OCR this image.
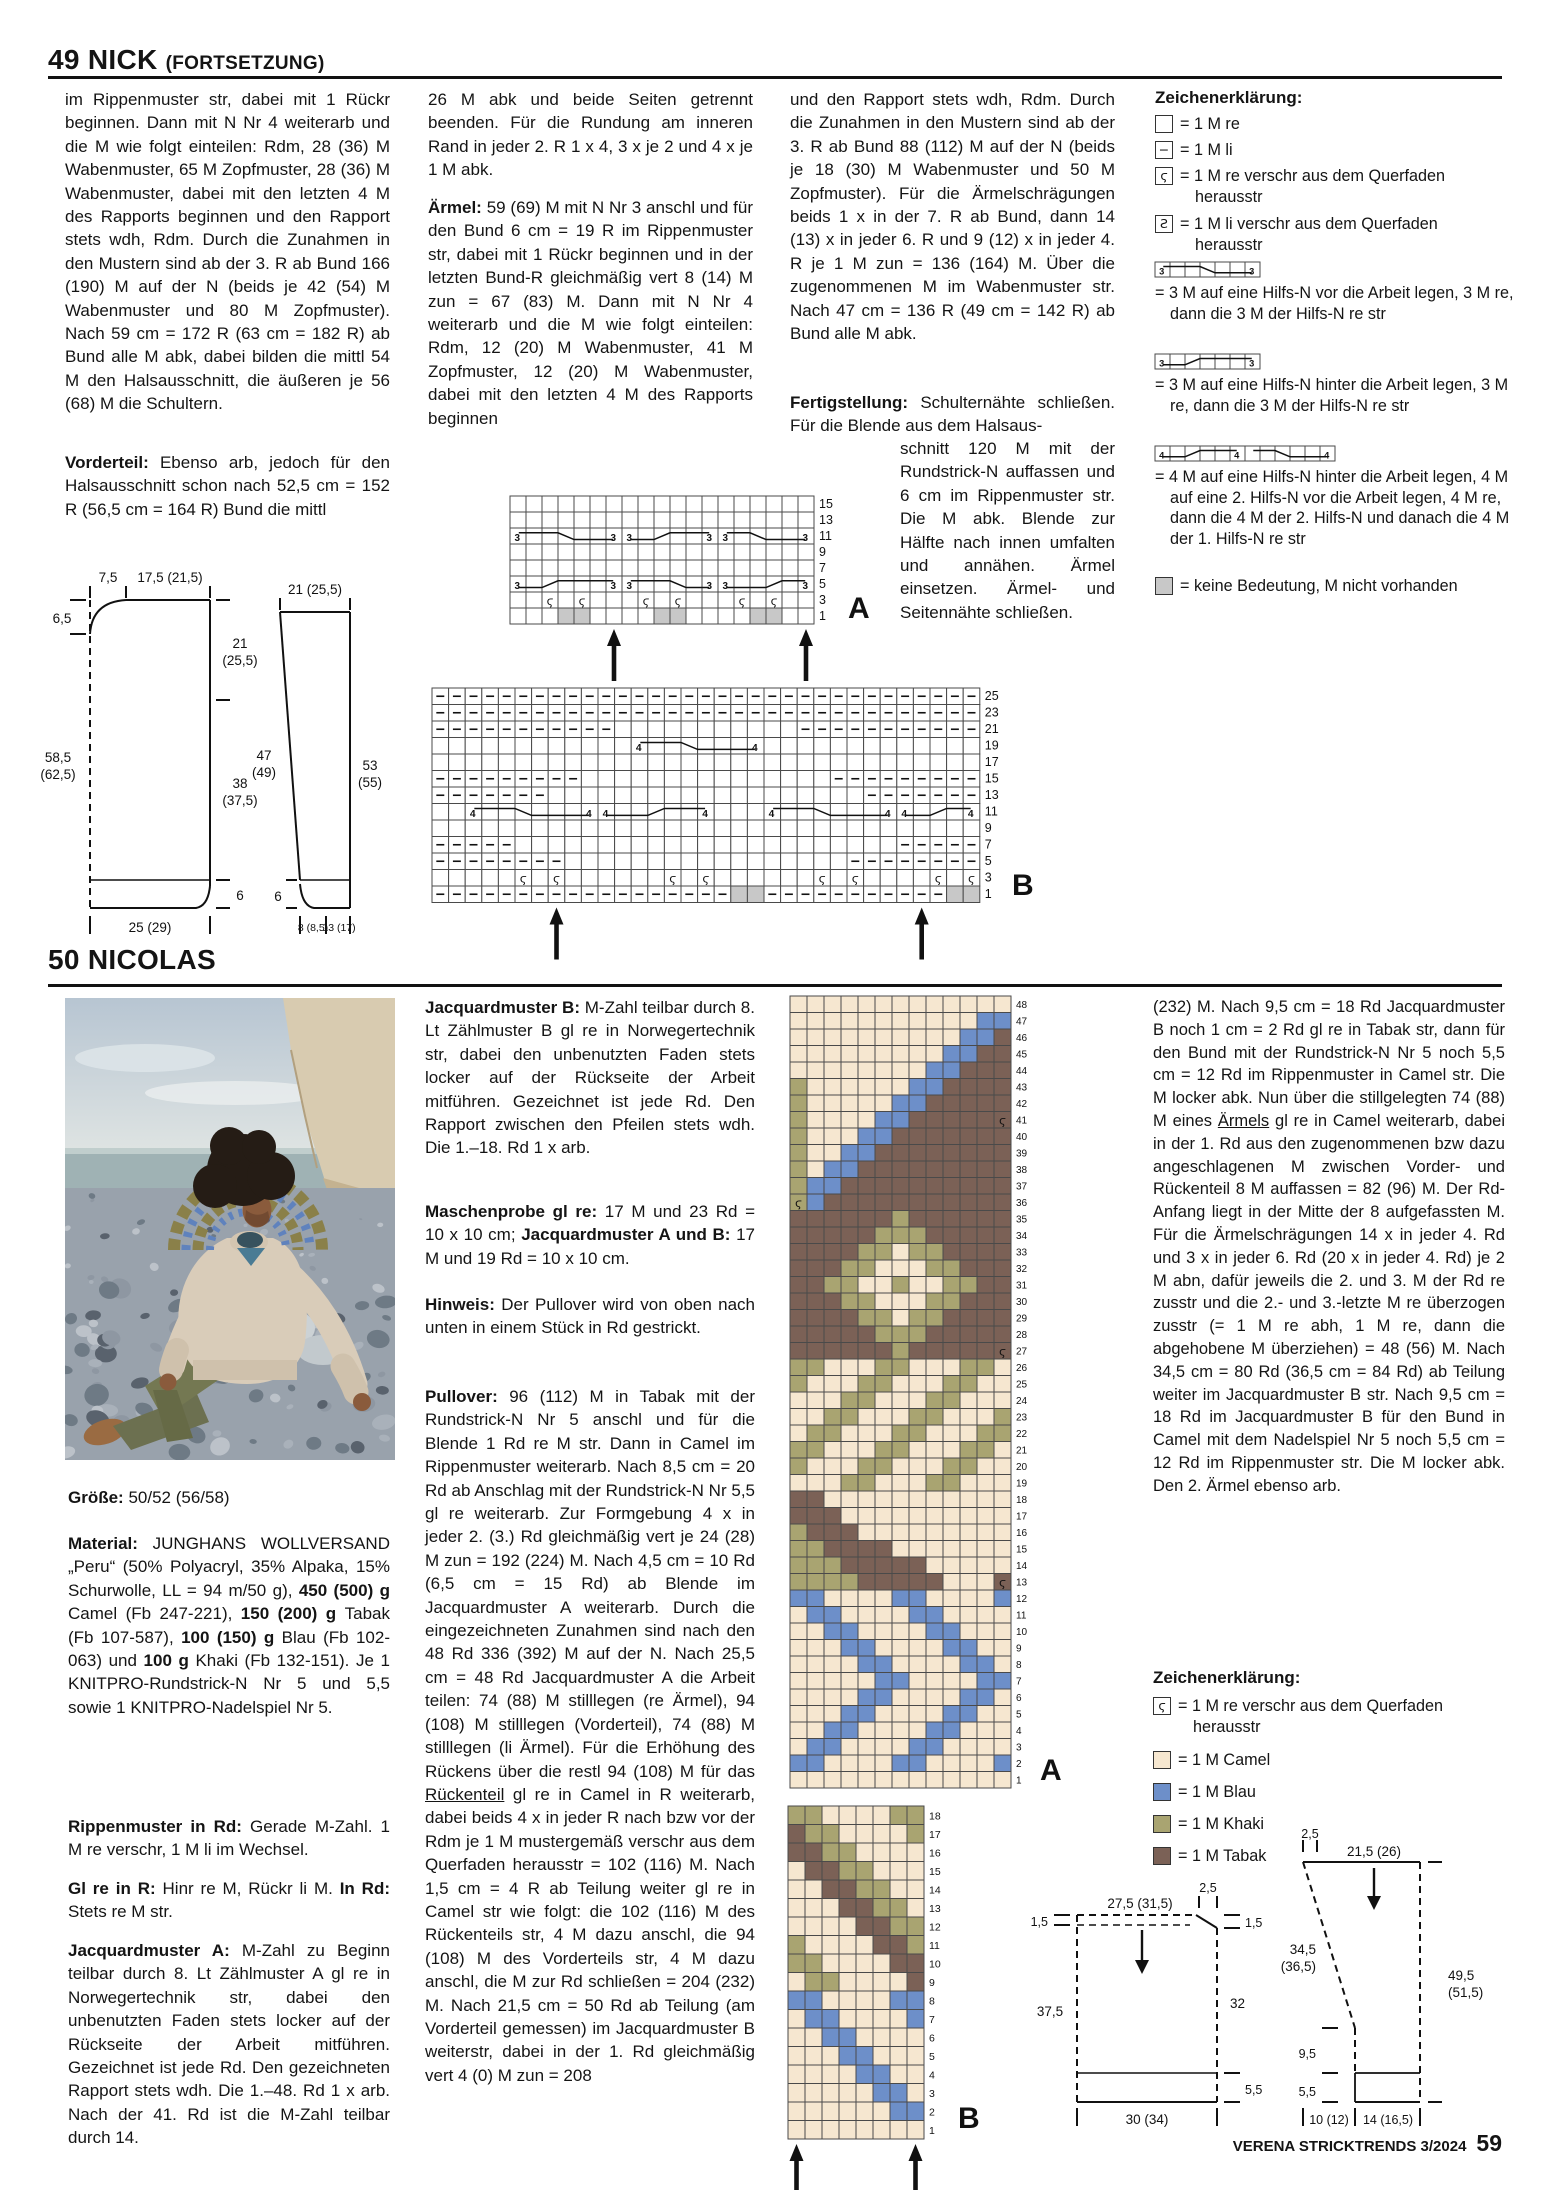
49 NICK (FORTSETZUNG)
im Rippenmuster str, dabei mit 1 Rückr beginnen. Dann mit N Nr 4 weiterarb und die M wie folgt einteilen: Rdm, 28 (36) M Wabenmuster, 65 M Zopfmuster, 28 (36) M Wabenmuster, dabei mit den letzten 4 M des Rapports beginnen und den Rapport stets wdh, Rdm. Durch die Zunahmen in den Mustern sind ab der 3. R ab Bund 166 (190) M auf der N (beids je 42 (54) M Wabenmuster und 80 M Zopfmuster). Nach 59 cm = 172 R (63 cm = 182 R) ab Bund alle M abk, dabei bilden die mittl 54 M den Halsausschnitt, die äußeren je 56 (68) M die Schultern.
Vorderteil: Ebenso arb, jedoch für den Halsausschnitt schon nach 52,5 cm = 152 R (56,5 cm = 164 R) Bund die mittl
26 M abk und beide Seiten getrennt beenden. Für die Rundung am inneren Rand in jeder 2. R 1 x 4, 3 x je 2 und 4 x je 1 M abk.
Ärmel: 59 (69) M mit N Nr 3 anschl und für den Bund 6 cm = 19 R im Rippenmuster str, dabei mit 1 Rückr beginnen und in der letzten Bund-R gleichmäßig vert 8 (14) M zun = 67 (83) M. Dann mit N Nr 4 weiterarb und die M wie folgt einteilen: Rdm, 12 (20) M Wabenmuster, 41 M Zopfmuster, 12 (20) M Wabenmuster, dabei mit den letzten 4 M des Rapports beginnen
und den Rapport stets wdh, Rdm. Durch die Zunahmen in den Mustern sind ab der 3. R ab Bund 88 (112) M auf der N (beids je 18 (30) M Wabenmuster und 50 M Zopfmuster). Für die Ärmelschrägungen beids 1 x in der 7. R ab Bund, dann 14 (13) x in jeder 6. R und 9 (12) x in jeder 4. R je 1 M zun = 136 (164) M. Über die zugenommenen M im Wabenmuster str. Nach 47 cm = 136 R (49 cm = 142 R) ab Bund alle M abk.
Fertigstellung: Schulternähte schließen. Für die Blende aus dem Halsaus-
schnitt 120 M mit der Rundstrick-N auffassen und 6 cm im Rippenmuster str. Die M abk. Blende zur Hälfte nach innen umfalten und annähen. Ärmel einsetzen. Ärmel- und Seitennähte schließen.
Zeichenerklärung:
= 1 M re
− = 1 M li
ϛ = 1 M re verschr aus dem Querfaden herausstr
Ƨ = 1 M li verschr aus dem Querfaden herausstr
= 3 M auf eine Hilfs-N vor die Arbeit legen, 3 M re, dann die 3 M der Hilfs-N re str
= 3 M auf eine Hilfs-N hinter die Arbeit legen, 3 M re, dann die 3 M der Hilfs-N re str
= 4 M auf eine Hilfs-N hinter die Arbeit legen, 4 M auf eine 2. Hilfs-N vor die Arbeit legen, 4 M re, dann die 4 M der 2. Hilfs-N und danach die 4 M der 1. Hilfs-N re str
= keine Bedeutung, M nicht vorhanden
7,5 17,5 (21,5)
6,5
21
(25,5)
58,5
(62,5)
38
(37,5)
6
25 (29)
21 (25,5)
47
(49)	53
(55)
6
8 (8,5)
13 (17)
50 NICOLAS
Größe: 50/52 (56/58)
Material: JUNGHANS WOLLVERSAND „Peru“ (50% Polyacryl, 35% Alpaka, 15% Schurwolle, LL = 94 m/50 g), 450 (500) g Camel (Fb 247-221), 150 (200) g Tabak (Fb 107-587), 100 (150) g Blau (Fb 102-063) und 100 g Khaki (Fb 132-151). Je 1 KNITPRO-Rundstrick-N Nr 5 und 5,5 sowie 1 KNITPRO-Nadelspiel Nr 5.
Rippenmuster in Rd: Gerade M-Zahl. 1 M re verschr, 1 M li im Wechsel.
Gl re in R: Hinr re M, Rückr li M. In Rd: Stets re M str.
Jacquardmuster A: M-Zahl zu Beginn teilbar durch 8. Lt Zählmuster A gl re in Norwegertechnik str, dabei den unbenutzten Faden stets locker auf der Rückseite der Arbeit mitführen. Gezeichnet ist jede Rd. Den gezeichneten Rapport stets wdh. Die 1.–48. Rd 1 x arb. Nach der 41. Rd ist die M-Zahl teilbar durch 14.
Jacquardmuster B: M-Zahl teilbar durch 8. Lt Zählmuster B gl re in Norwegertechnik str, dabei den unbenutzten Faden stets locker auf der Rückseite der Arbeit mitführen. Gezeichnet ist jede Rd. Den Rapport zwischen den Pfeilen stets wdh. Die 1.–18. Rd 1 x arb.
Maschenprobe gl re: 17 M und 23 Rd = 10 x 10 cm; Jacquardmuster A und B: 17 M und 19 Rd = 10 x 10 cm.
Hinweis: Der Pullover wird von oben nach unten in einem Stück in Rd gestrickt.
Pullover: 96 (112) M in Tabak mit der Rundstrick-N Nr 5 anschl und für die Blende 1 Rd re M str. Dann in Camel im Rippenmuster weiterarb. Nach 8,5 cm = 20 Rd ab Anschlag mit der Rundstrick-N Nr 5,5 gl re weiterarb. Zur Formgebung 4 x in jeder 2. (3.) Rd gleichmäßig vert je 24 (28) M zun = 192 (224) M. Nach 4,5 cm = 10 Rd (6,5 cm = 15 Rd) ab Blende im Jacquardmuster A weiterarb. Durch die eingezeichneten Zunahmen sind nach den 48 Rd 336 (392) M auf der N. Nach 25,5 cm = 48 Rd Jacquardmuster A die Arbeit teilen: 74 (88) M stilllegen (re Ärmel), 94 (108) M stilllegen (Vorderteil), 74 (88) M stilllegen (li Ärmel). Für die Erhöhung des Rückens über die restl 94 (108) M für das Rückenteil gl re in Camel in R weiterarb, dabei beids 4 x in jeder R nach bzw vor der Rdm je 1 M mustergemäß verschr aus dem Querfaden herausstr = 102 (116) M. Nach 1,5 cm = 4 R ab Teilung weiter gl re in Camel str wie folgt: die 102 (116) M des Rückenteils str, 4 M dazu anschl, die 94 (108) M des Vorderteils str, 4 M dazu anschl, die M zur Rd schließen = 204 (232) M. Nach 21,5 cm = 50 Rd ab Teilung (am Vorderteil gemessen) im Jacquardmuster B weiterstr, dabei in der 1. Rd gleichmäßig vert 4 (0) M zun = 208
(232) M. Nach 9,5 cm = 18 Rd Jacquardmuster B noch 1 cm = 2 Rd gl re in Tabak str, dann für den Bund mit der Rundstrick-N Nr 5 noch 5,5 cm = 12 Rd im Rippenmuster in Camel str. Die M locker abk. Nun über die stillgelegten 74 (88) M eines Ärmels gl re in Camel weiterarb, dabei in der 1. Rd aus den zugenommenen bzw dazu angeschlagenen M zwischen Vorder- und Rückenteil 8 M auffassen = 82 (96) M. Der Rd-Anfang liegt in der Mitte der 8 aufgefassten M. Für die Ärmelschrägungen 14 x in jeder 4. Rd und 3 x in jeder 6. Rd (20 x in jeder 4. Rd) je 2 M abn, dafür jeweils die 2. und 3. M der Rd re zusstr und die 2.- und 3.-letzte M re überzogen zusstr (= 1 M re abh, 1 M re, dann die abgehobene M überziehen) = 48 (56) M. Nach 34,5 cm = 80 Rd (36,5 cm = 84 Rd) ab Teilung weiter im Jacquardmuster B str. Nach 9,5 cm = 18 Rd im Jacquardmuster B für den Bund in Camel mit dem Nadelspiel Nr 5 noch 5,5 cm = 12 Rd im Rippenmuster str. Die M locker abk. Den 2. Ärmel ebenso arb.
Zeichenerklärung:
ϛ = 1 M re verschr aus dem Querfaden herausstr
= 1 M Camel
= 1 M Blau
= 1 M Khaki
= 1 M Tabak
27,5 (31,5)
2,5
1,5	1,5
37,5
32
5,5
30 (34)
2,5
21,5 (26)
34,5
(36,5)
49,5
(51,5)
9,5
5,5
10 (12) 14 (16,5)
3	3 3	3 3	3
3	3 3	3 3	3
ϛ ϛ	ϛ ϛ	ϛ ϛ
15
13
11
9
7
5
3
1 A
4	4
4	4 4	4	4	4 4	4
ϛ ϛ	ϛ ϛ	ϛ ϛ	ϛ ϛ
25
23
21
19
17
15
13
11
9
7
5
3
1 B
ϛ
ϛ
ϛ
ϛ
48
47
46
45
44
43
42
41
40
39
38
37
36
35
34
33
32
31
30
29
28
27
26
25
24
23
22
21
20
19
18
17
16
15
14
13
12
11
10
9
8
7
6
5
4
3
2
1 A
18
17
16
15
14
13
12
11
10
9
8
7
6
5
4
3
2
1 B
3	3
3	3
4	4	4
VERENA STRICKTRENDS 3/2024 59
